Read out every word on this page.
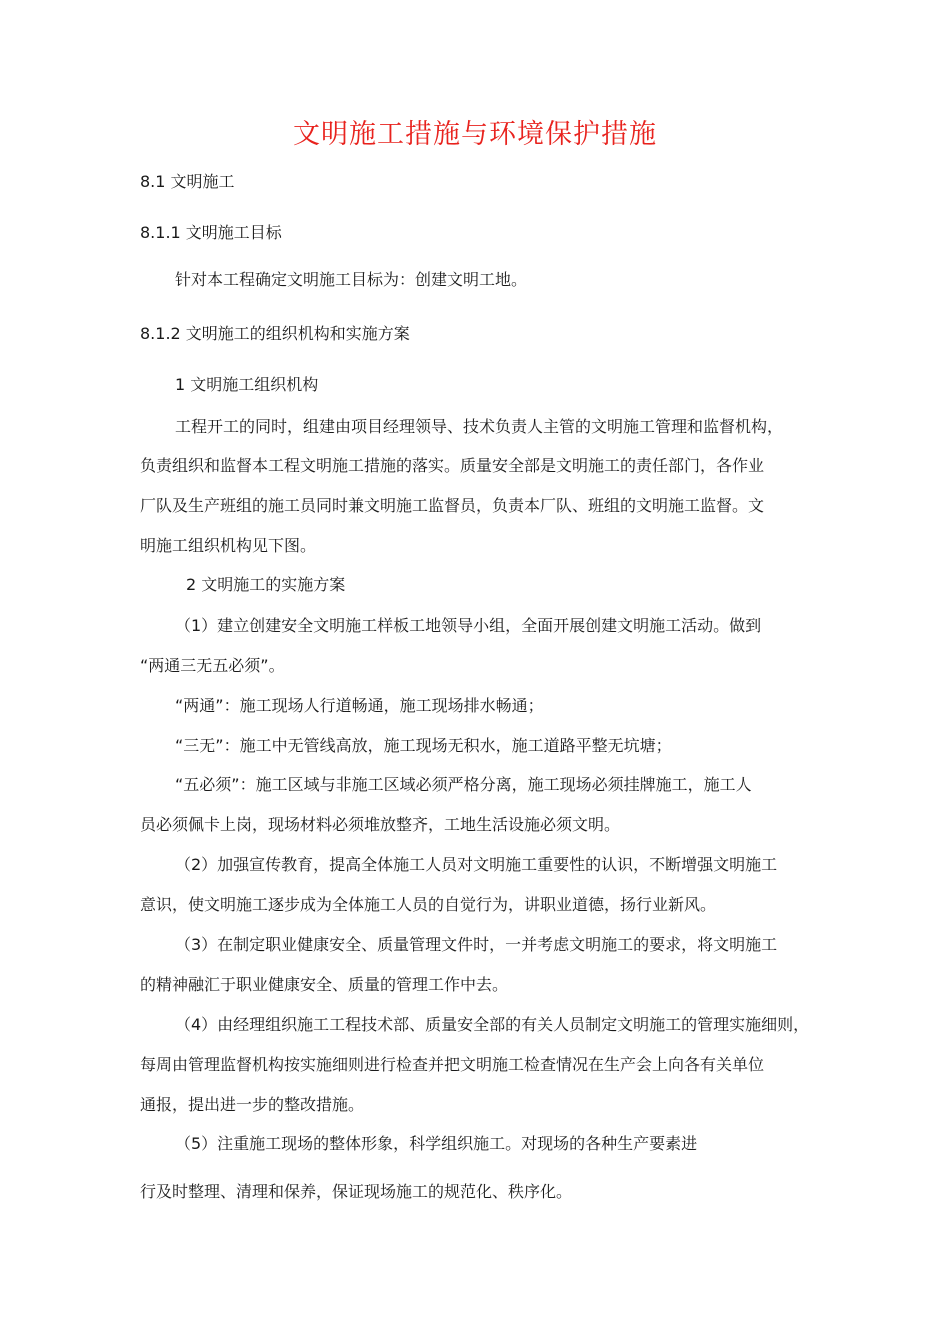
文明施工措施与环境保护措施

8.1 文明施工

8.1.1 文明施工目标

针对本工程确定文明施工目标为：创建文明工地。

8.1.2 文明施工的组织机构和实施方案

1 文明施工组织机构

工程开工的同时，组建由项目经理领导、技术负责人主管的文明施工管理和监督机构，

负责组织和监督本工程文明施工措施的落实。质量安全部是文明施工的责任部门，各作业

厂队及生产班组的施工员同时兼文明施工监督员，负责本厂队、班组的文明施工监督。文

明施工组织机构见下图。

2 文明施工的实施方案

（1）建立创建安全文明施工样板工地领导小组，全面开展创建文明施工活动。做到

“两通三无五必须”。

“两通”：施工现场人行道畅通，施工现场排水畅通；

“三无”：施工中无管线高放，施工现场无积水，施工道路平整无坑塘；

“五必须”：施工区域与非施工区域必须严格分离，施工现场必须挂牌施工，施工人

员必须佩卡上岗，现场材料必须堆放整齐，工地生活设施必须文明。

（2）加强宣传教育，提高全体施工人员对文明施工重要性的认识，不断增强文明施工

意识，使文明施工逐步成为全体施工人员的自觉行为，讲职业道德，扬行业新风。

（3）在制定职业健康安全、质量管理文件时，一并考虑文明施工的要求，将文明施工

的精神融汇于职业健康安全、质量的管理工作中去。

（4）由经理组织施工工程技术部、质量安全部的有关人员制定文明施工的管理实施细则，

每周由管理监督机构按实施细则进行检查并把文明施工检查情况在生产会上向各有关单位

通报，提出进一步的整改措施。

（5）注重施工现场的整体形象，科学组织施工。对现场的各种生产要素进

行及时整理、清理和保养，保证现场施工的规范化、秩序化。
